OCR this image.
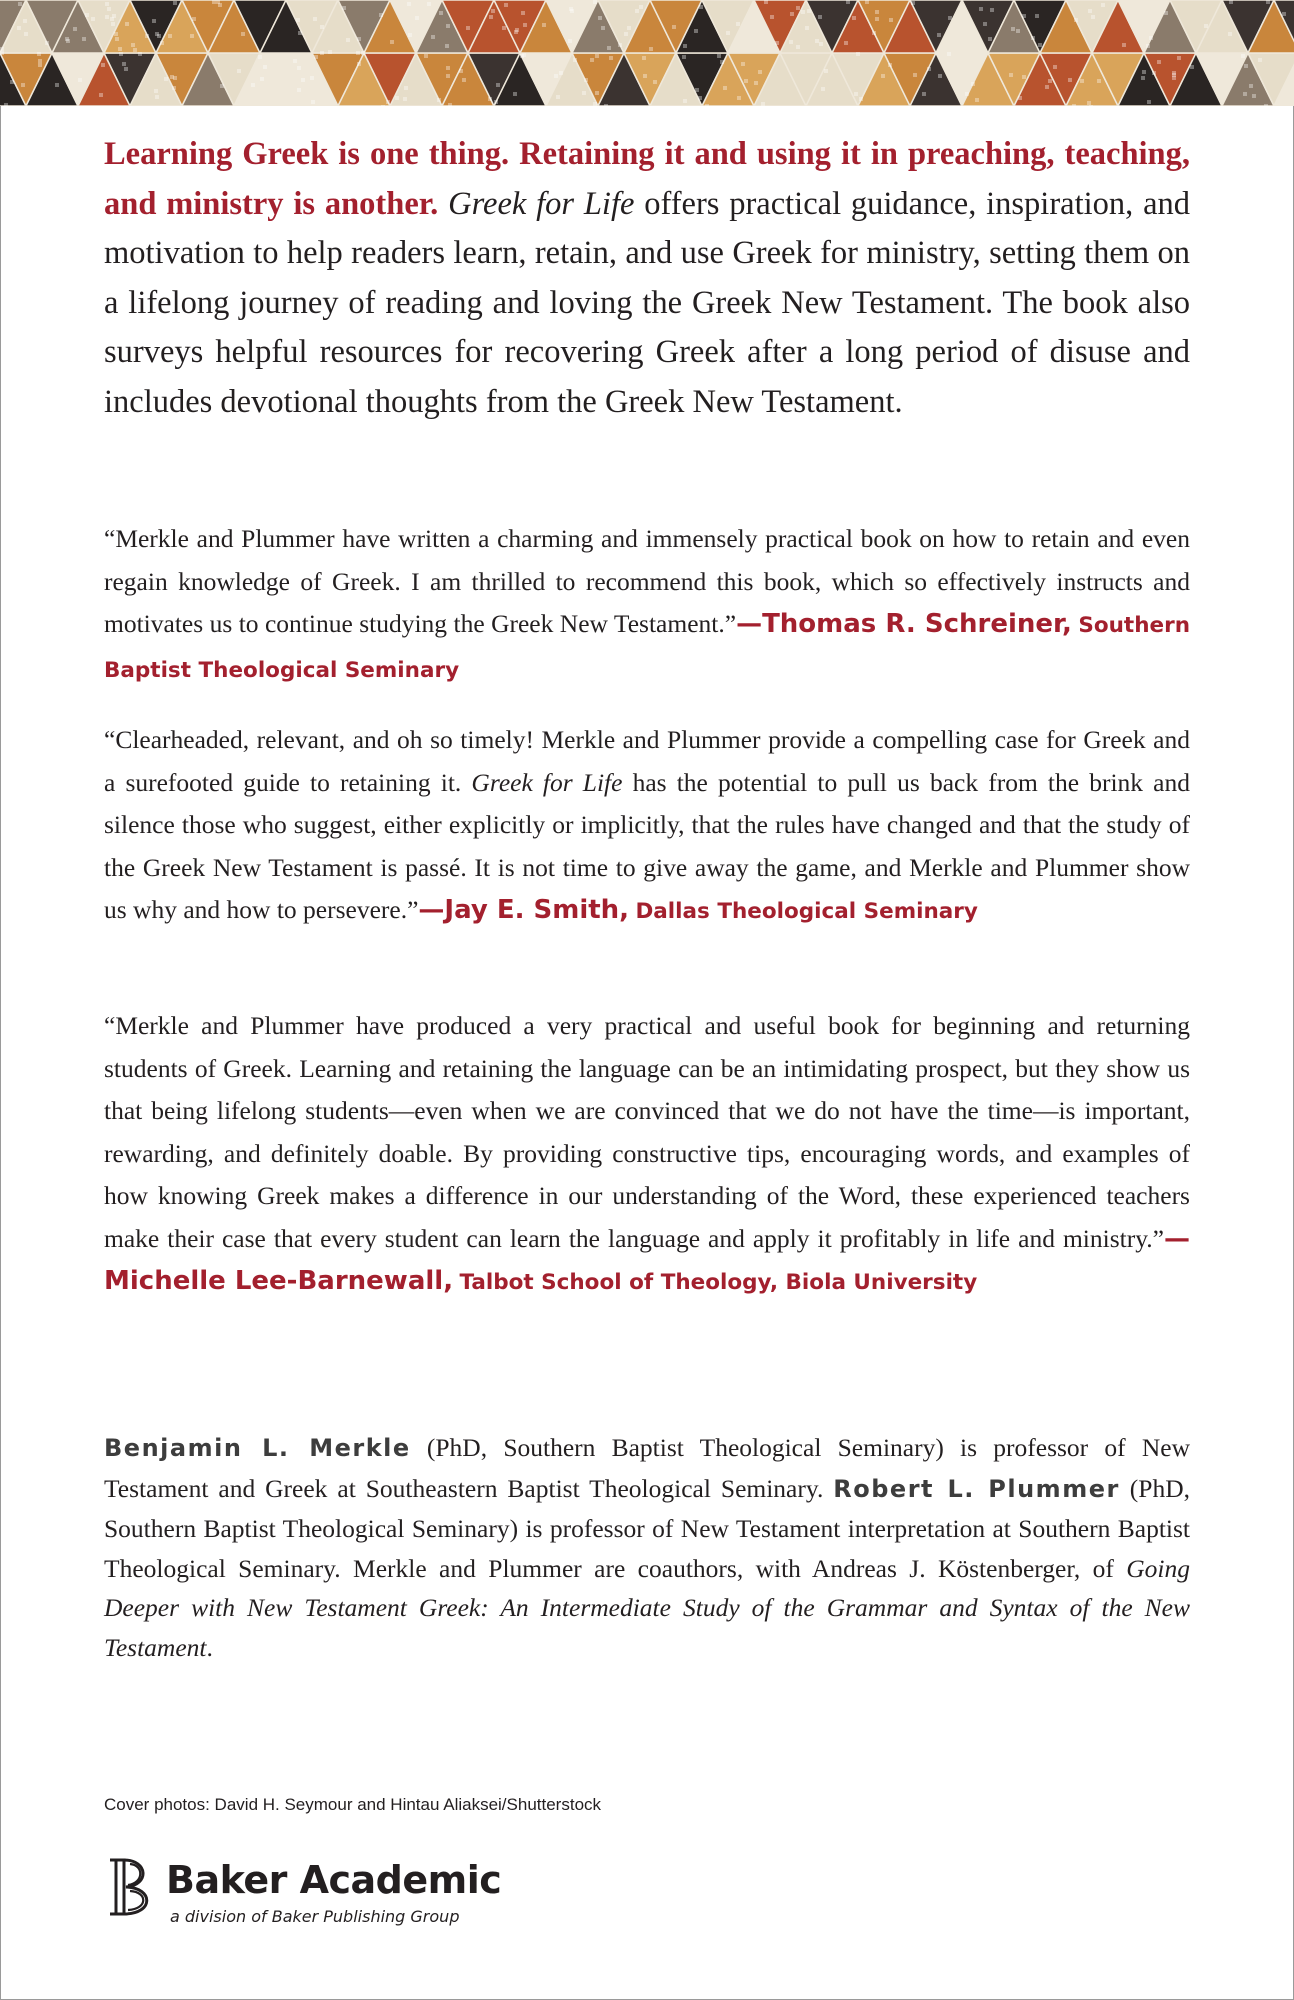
Learning Greek is one thing. Retaining it and using it in preaching, teaching, and ministry is another. Greek for Life offers practical guidance, inspiration, and motivation to help readers learn, retain, and use Greek for ministry, setting them on a lifelong journey of reading and loving the Greek New Testament. The book also surveys helpful resources for recovering Greek after a long period of disuse and includes devotional thoughts from the Greek New Testament.
“Merkle and Plummer have written a charming and immensely practical book on how to retain and even regain knowledge of Greek. I am thrilled to recommend this book, which so effectively instructs and motivates us to continue studying the Greek New Testament.”—Thomas R. Schreiner, Southern Baptist Theological Seminary
“Clearheaded, relevant, and oh so timely! Merkle and Plummer provide a compelling case for Greek and a surefooted guide to retaining it. Greek for Life has the potential to pull us back from the brink and silence those who suggest, either explicitly or implicitly, that the rules have changed and that the study of the Greek New Testament is passé. It is not time to give away the game, and Merkle and Plummer show us why and how to persevere.”—Jay E. Smith, Dallas Theological Seminary
“Merkle and Plummer have produced a very practical and useful book for beginning and returning students of Greek. Learning and retaining the language can be an intimidating prospect, but they show us that being lifelong students—even when we are convinced that we do not have the time—is important, rewarding, and definitely doable. By providing constructive tips, encouraging words, and examples of how knowing Greek makes a difference in our understanding of the Word, these experienced teachers make their case that every student can learn the language and apply it profitably in life and ministry.”—Michelle Lee-Barnewall, Talbot School of Theology, Biola University
Benjamin L. Merkle (PhD, Southern Baptist Theological Seminary) is professor of New Testament and Greek at Southeastern Baptist Theological Seminary. Robert L. Plummer (PhD, Southern Baptist Theological Seminary) is professor of New Testament interpretation at Southern Baptist Theological Seminary. Merkle and Plummer are coauthors, with Andreas J. Köstenberger, of Going Deeper with New Testament Greek: An Intermediate Study of the Grammar and Syntax of the New Testament.
Cover photos: David H. Seymour and Hintau Aliaksei/Shutterstock
Baker Academic
a division of Baker Publishing Group
